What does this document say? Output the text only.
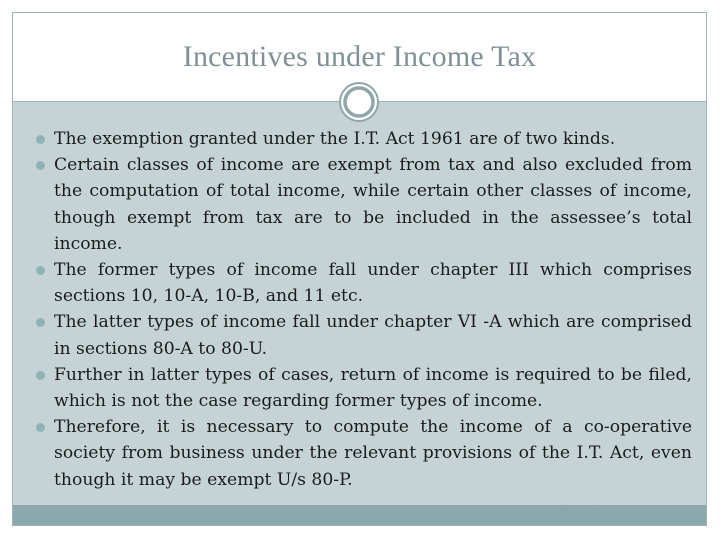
Incentives under Income Tax
The exemption granted under the I.T. Act 1961 are of two kinds.
Certain classes of income are exempt from tax and also excluded from the computation of total income, while certain other classes of income, though exempt from tax are to be included in the assessee’s total income.
The former types of income fall under chapter III which comprises sections 10, 10-A, 10-B, and 11 etc.
The latter types of income fall under chapter VI -A which are comprised in sections 80-A to 80-U.
Further in latter types of cases, return of income is required to be filed, which is not the case regarding former types of income.
Therefore, it is necessary to compute the income of a co-operative society from business under the relevant provisions of the I.T. Act, even though it may be exempt U/s 80-P.
